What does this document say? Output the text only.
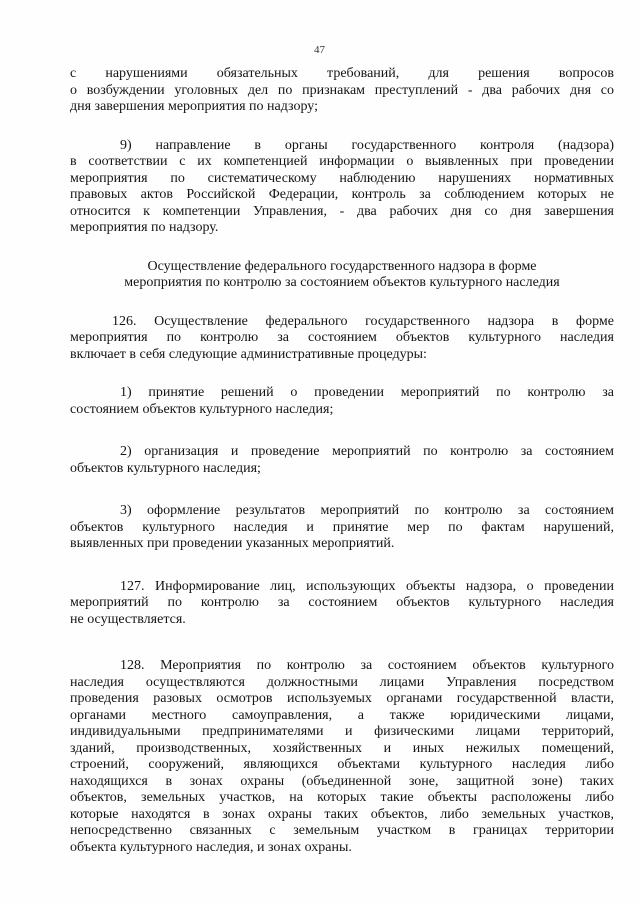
47

с нарушениями обязательных требований, для решения вопросов
о возбуждении уголовных дел по признакам преступлений - два рабочих дня со
дня завершения мероприятия по надзору;

9) направление в органы государственного контроля (надзора)
в соответствии с их компетенцией информации о выявленных при проведении
мероприятия по систематическому наблюдению нарушениях нормативных
правовых актов Российской Федерации, контроль за соблюдением которых не
относится к компетенции Управления, - два рабочих дня со дня завершения
мероприятия по надзору.

Осуществление федерального государственного надзора в форме
мероприятия по контролю за состоянием объектов культурного наследия

126. Осуществление федерального государственного надзора в форме
мероприятия по контролю за состоянием объектов культурного наследия
включает в себя следующие административные процедуры:

1) принятие решений о проведении мероприятий по контролю за
состоянием объектов культурного наследия;

2) организация и проведение мероприятий по контролю за состоянием
объектов культурного наследия;

3) оформление результатов мероприятий по контролю за состоянием
объектов культурного наследия и принятие мер по фактам нарушений,
выявленных при проведении указанных мероприятий.

127. Информирование лиц, использующих объекты надзора, о проведении
мероприятий по контролю за состоянием объектов культурного наследия
не осуществляется.

128. Мероприятия по контролю за состоянием объектов культурного
наследия осуществляются должностными лицами Управления посредством
проведения разовых осмотров используемых органами государственной власти,
органами местного самоуправления, а также юридическими лицами,
индивидуальными предпринимателями и физическими лицами территорий,
зданий, производственных, хозяйственных и иных нежилых помещений,
строений, сооружений, являющихся объектами культурного наследия либо
находящихся в зонах охраны (объединенной зоне, защитной зоне) таких
объектов, земельных участков, на которых такие объекты расположены либо
которые находятся в зонах охраны таких объектов, либо земельных участков,
непосредственно связанных с земельным участком в границах территории
объекта культурного наследия, и зонах охраны.
